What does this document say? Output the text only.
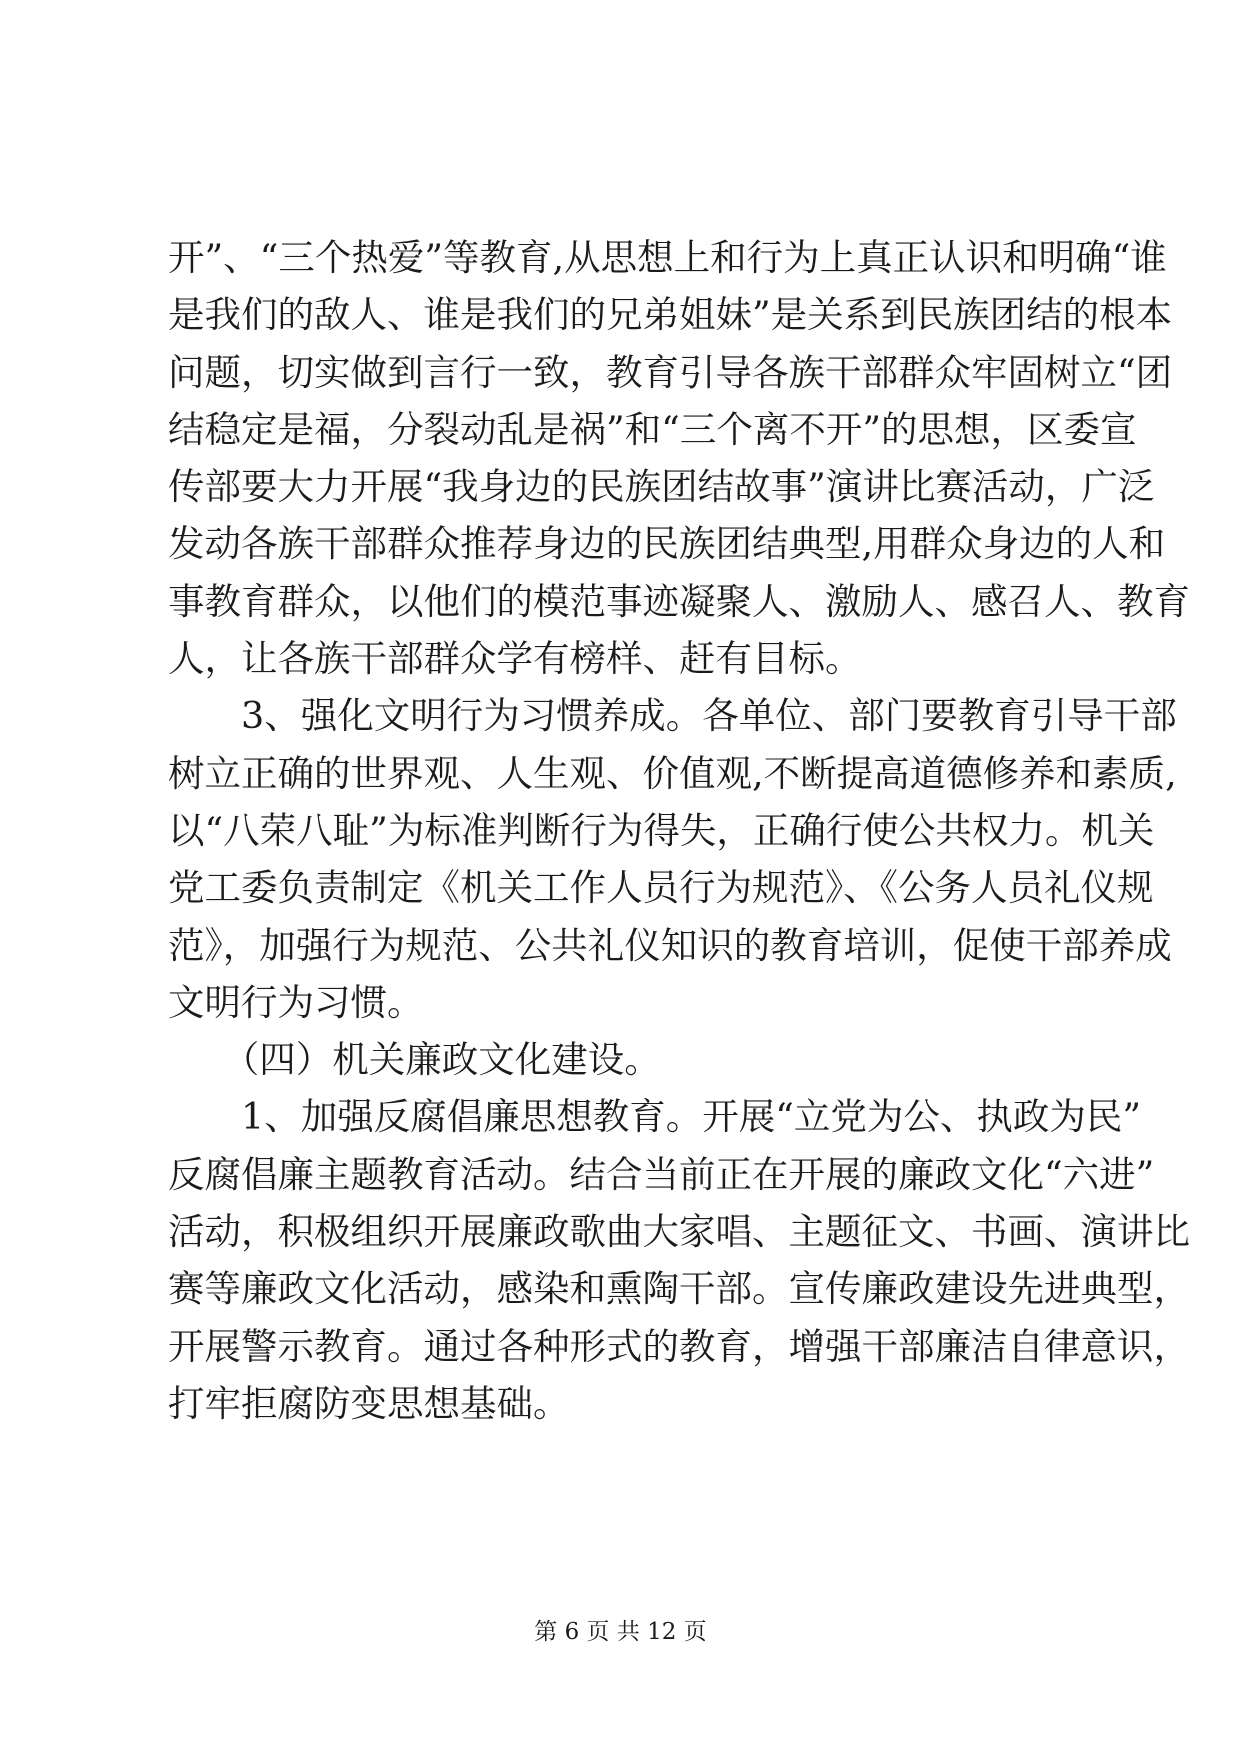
开”、“三个热爱”等教育,从思想上和行为上真正认识和明确“谁
是我们的敌人、谁是我们的兄弟姐妹”是关系到民族团结的根本
问题，切实做到言行一致，教育引导各族干部群众牢固树立“团
结稳定是福，分裂动乱是祸”和“三个离不开”的思想，区委宣
传部要大力开展“我身边的民族团结故事”演讲比赛活动，广泛
发动各族干部群众推荐身边的民族团结典型,用群众身边的人和
事教育群众，以他们的模范事迹凝聚人、激励人、感召人、教育
人，让各族干部群众学有榜样、赶有目标。
　　3、强化文明行为习惯养成。各单位、部门要教育引导干部
树立正确的世界观、人生观、价值观,不断提高道德修养和素质,
以“八荣八耻”为标准判断行为得失，正确行使公共权力。机关
党工委负责制定《机关工作人员行为规范》、《公务人员礼仪规
范》，加强行为规范、公共礼仪知识的教育培训，促使干部养成
文明行为习惯。
　　（四）机关廉政文化建设。
　　1、加强反腐倡廉思想教育。开展“立党为公、执政为民”
反腐倡廉主题教育活动。结合当前正在开展的廉政文化“六进”
活动，积极组织开展廉政歌曲大家唱、主题征文、书画、演讲比
赛等廉政文化活动，感染和熏陶干部。宣传廉政建设先进典型，
开展警示教育。通过各种形式的教育，增强干部廉洁自律意识，
打牢拒腐防变思想基础。
第 6 页 共 12 页
